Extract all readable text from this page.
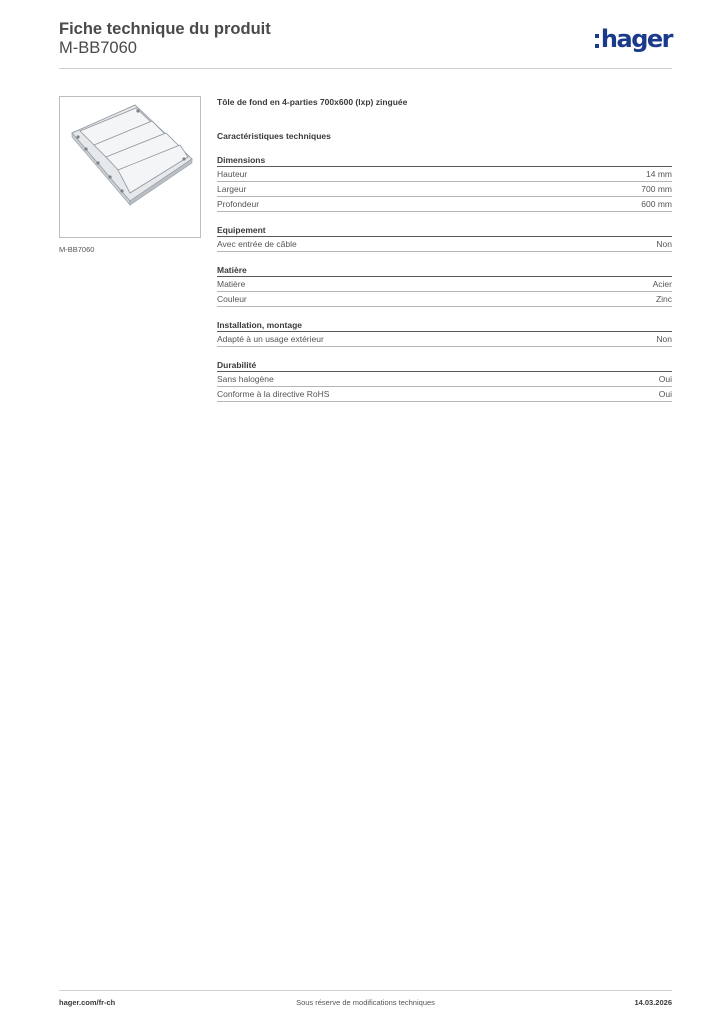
Fiche technique du produit
M-BB7060	hager
M-BB7060
Tôle de fond en 4-parties 700x600 (lxp) zinguée
Caractéristiques techniques
Dimensions
Hauteur	14 mm
Largeur	700 mm
Profondeur	600 mm
Equipement
Avec entrée de câble	Non
Matière
Matière	Acier
Couleur	Zinc
Installation, montage
Adapté à un usage extérieur	Non
Durabilité
Sans halogène	Oui
Conforme à la directive RoHS	Oui
hager.com/fr-ch	Sous réserve de modifications techniques	14.03.2026
